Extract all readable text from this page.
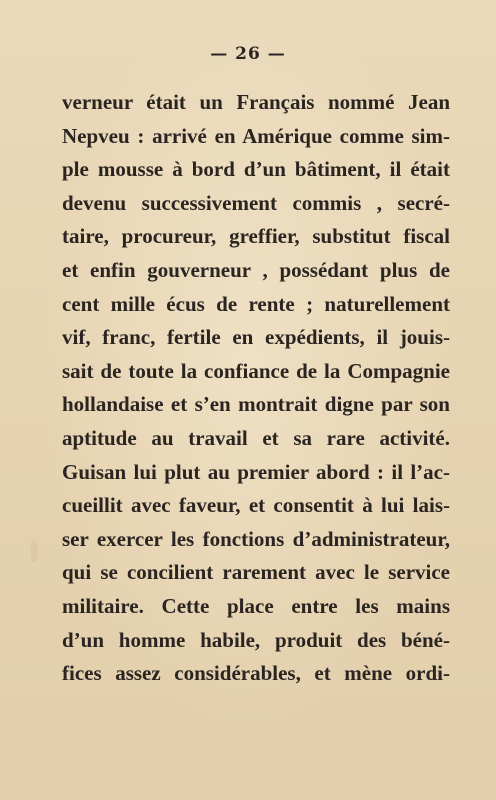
— 26 —
verneur était un Français nommé Jean
Nepveu : arrivé en Amérique comme sim-
ple mousse à bord d’un bâtiment, il était
devenu successivement commis , secré-
taire, procureur, greffier, substitut fiscal
et enfin gouverneur , possédant plus de
cent mille écus de rente ; naturellement
vif, franc, fertile en expédients, il jouis-
sait de toute la confiance de la Compagnie
hollandaise et s’en montrait digne par son
aptitude au travail et sa rare activité.
Guisan lui plut au premier abord : il l’ac-
cueillit avec faveur, et consentit à lui lais-
ser exercer les fonctions d’administrateur,
qui se concilient rarement avec le service
militaire. Cette place entre les mains
d’un homme habile, produit des béné-
fices assez considérables, et mène ordi-
